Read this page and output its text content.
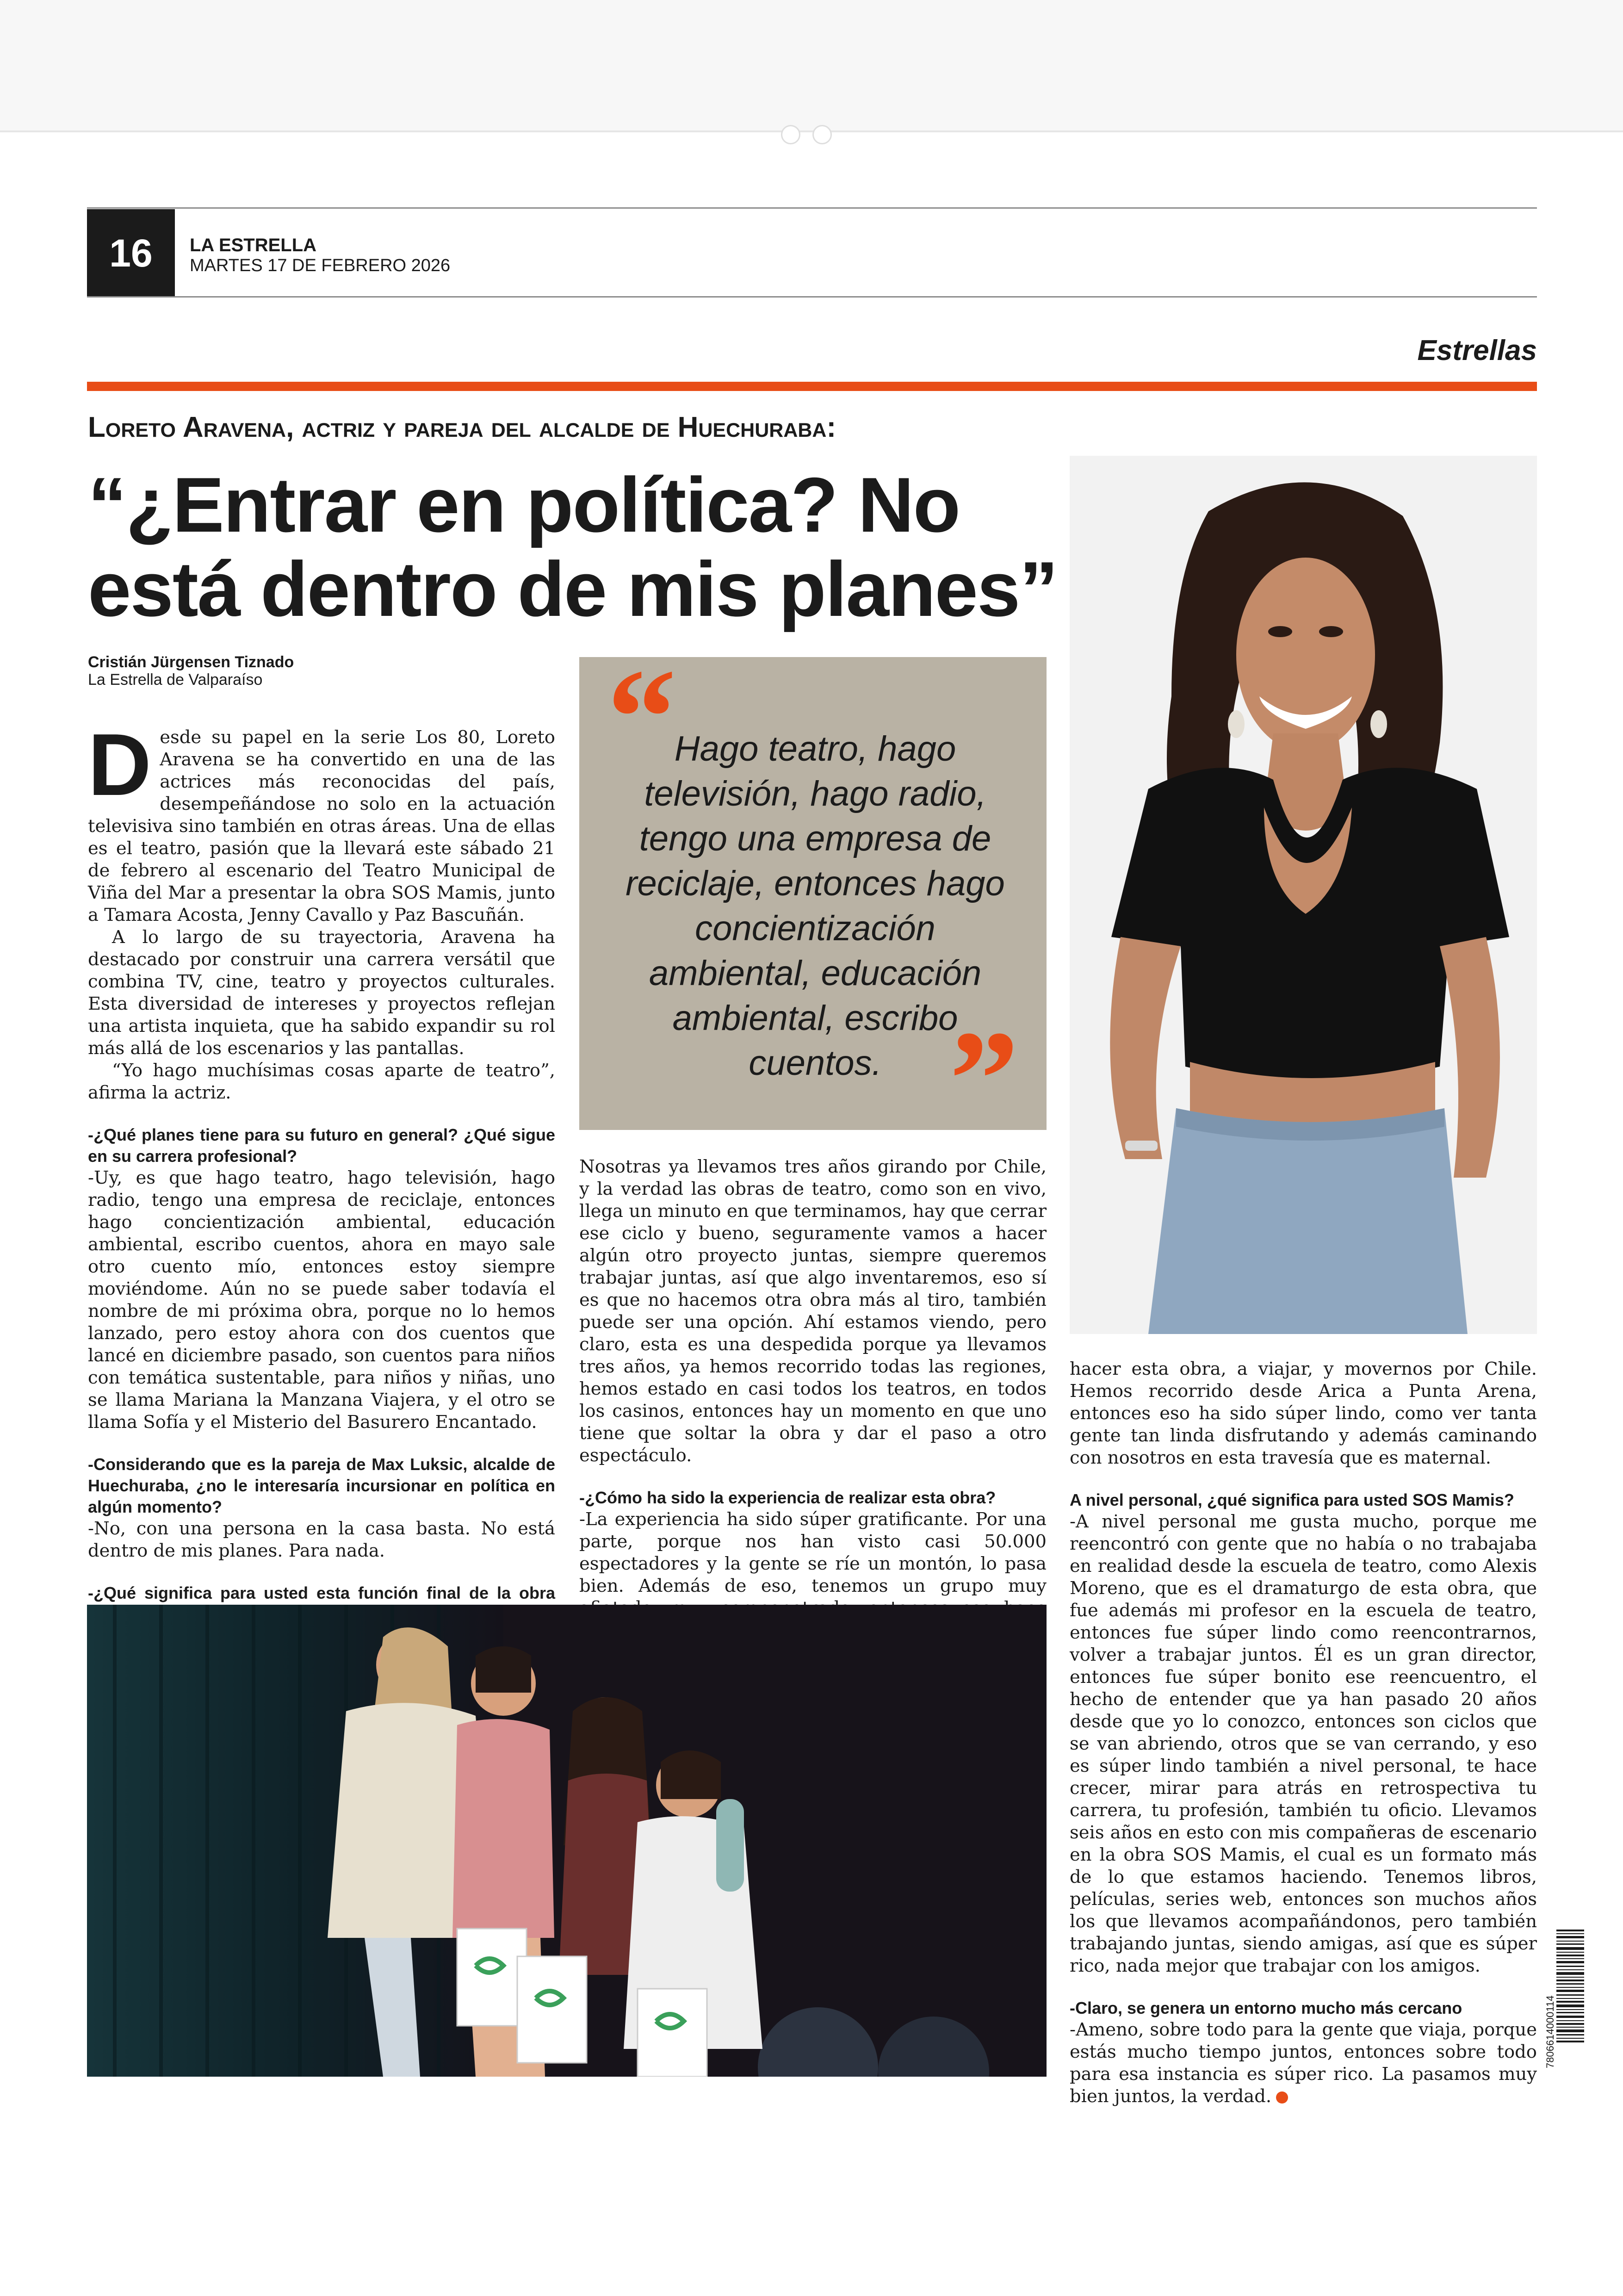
16	LA ESTRELLA
MARTES 17 DE FEBRERO 2026
Estrellas
Loreto Aravena, actriz y pareja del alcalde de Huechuraba:
“¿Entrar en política? No está dentro de mis planes”
Cristián Jürgensen Tiznado
La Estrella de Valparaíso

Desde su papel en la serie Los 80, Loreto Aravena se ha convertido en una de las actrices más reconocidas del país, desempeñándose no solo en la actuación televisiva sino también en otras áreas. Una de ellas es el teatro, pasión que la llevará este sábado 21 de febrero al escenario del Teatro Municipal de Viña del Mar a presentar la obra SOS Mamis, junto a Tamara Acosta, Jenny Cavallo y Paz Bascuñán.

A lo largo de su trayectoria, Aravena ha destacado por construir una carrera versátil que combina TV, cine, teatro y proyectos culturales. Esta diversidad de intereses y proyectos reflejan una artista inquieta, que ha sabido expandir su rol más allá de los escenarios y las pantallas.

“Yo hago muchísimas cosas aparte de teatro”, afirma la actriz.

-¿Qué planes tiene para su futuro en general? ¿Qué sigue en su carrera profesional?

-Uy, es que hago teatro, hago televisión, hago radio, tengo una empresa de reciclaje, entonces hago concientización ambiental, educación ambiental, escribo cuentos, ahora en mayo sale otro cuento mío, entonces estoy siempre moviéndome. Aún no se puede saber todavía el nombre de mi próxima obra, porque no lo hemos lanzado, pero estoy ahora con dos cuentos que lancé en diciembre pasado, son cuentos para niños con temática sustentable, para niños y niñas, uno se llama Mariana la Manzana Viajera, y el otro se llama Sofía y el Misterio del Basurero Encantado.

-Considerando que es la pareja de Max Luksic, alcalde de Huechuraba, ¿no le interesaría incursionar en política en algún momento?

-No, con una persona en la casa basta. No está dentro de mis planes. Para nada.

-¿Qué significa para usted esta función final de la obra

“
Hago teatro, hago televisión, hago radio, tengo una empresa de reciclaje, entonces hago concientización ambiental, educación ambiental, escribo cuentos. ”

Nosotras ya llevamos tres años girando por Chile, y la verdad las obras de teatro, como son en vivo, llega un minuto en que terminamos, hay que cerrar ese ciclo y bueno, seguramente vamos a hacer algún otro proyecto juntas, siempre queremos trabajar juntas, así que algo inventaremos, eso sí es que no hacemos otra obra más al tiro, también puede ser una opción. Ahí estamos viendo, pero claro, esta es una despedida porque ya llevamos tres años, ya hemos recorrido todas las regiones, hemos estado en casi todos los teatros, en todos los casinos, entonces hay un momento en que uno tiene que soltar la obra y dar el paso a otro espectáculo.

-¿Cómo ha sido la experiencia de realizar esta obra?

-La experiencia ha sido súper gratificante. Por una parte, porque nos han visto casi 50.000 espectadores y la gente se ríe un montón, lo pasa bien. Además de eso, tenemos un grupo muy

hacer esta obra, a viajar, y movernos por Chile. Hemos recorrido desde Arica a Punta Arena, entonces eso ha sido súper lindo, como ver tanta gente tan linda disfrutando y además caminando con nosotros en esta travesía que es maternal.

A nivel personal, ¿qué significa para usted SOS Mamis?

-A nivel personal me gusta mucho, porque me reencontró con gente que no había o no trabajaba en realidad desde la escuela de teatro, como Alexis Moreno, que es el dramaturgo de esta obra, que fue además mi profesor en la escuela de teatro, entonces fue súper lindo como reencontrarnos, volver a trabajar juntos. Él es un gran director, entonces fue súper bonito ese reencuentro, el hecho de entender que ya han pasado 20 años desde que yo lo conozco, entonces son ciclos que se van abriendo, otros que se van cerrando, y eso es súper lindo también a nivel personal, te hace crecer, mirar para atrás en retrospectiva tu carrera, tu profesión, también tu oficio. Llevamos seis años en esto con mis compañeras de escenario en la obra SOS Mamis, el cual es un formato más de lo que estamos haciendo. Tenemos libros, películas, series web, entonces son muchos años los que llevamos acompañándonos, pero también trabajando juntas, siendo amigas, así que es súper rico, nada mejor que trabajar con los amigos.

-Claro, se genera un entorno mucho más cercano

-Ameno, sobre todo para la gente que viaja, porque estás mucho tiempo juntos, entonces sobre todo para esa instancia es súper rico. La pasamos muy bien juntos, la verdad.

7806614000114
